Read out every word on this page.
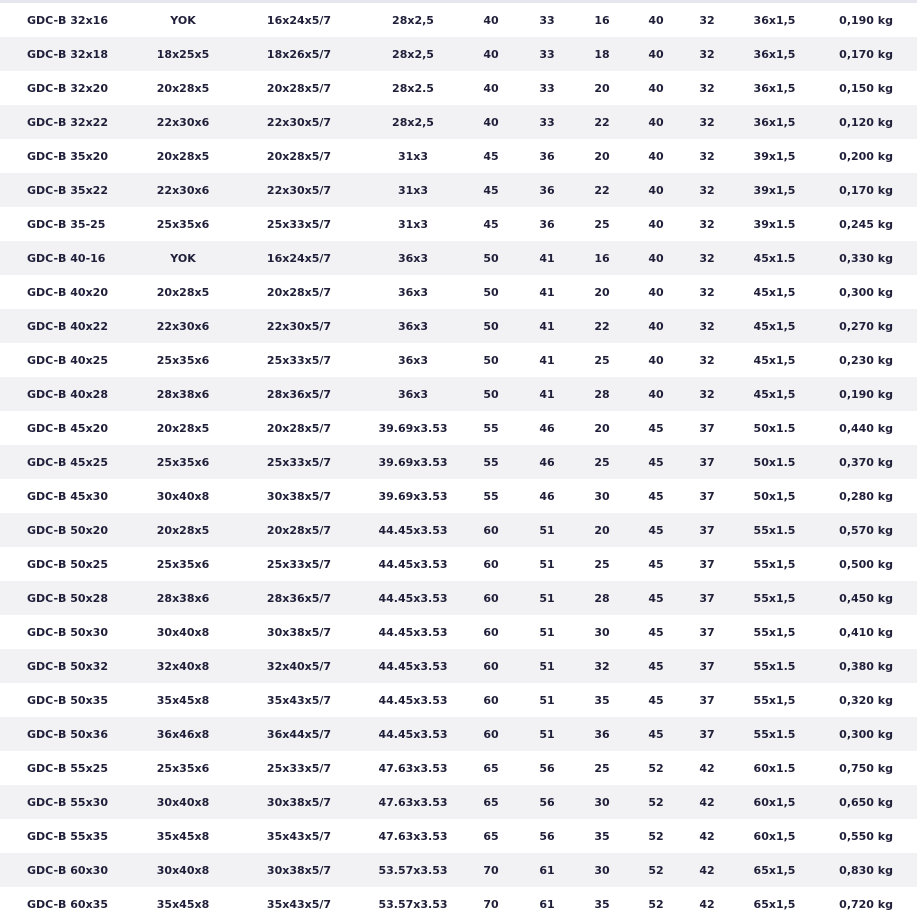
GDC-B 32x16	YOK	16x24x5/7	28x2,5	40	33	16	40	32	36x1,5	0,190 kg
GDC-B 32x18	18x25x5	18x26x5/7	28x2,5	40	33	18	40	32	36x1,5	0,170 kg
GDC-B 32x20	20x28x5	20x28x5/7	28x2.5	40	33	20	40	32	36x1,5	0,150 kg
GDC-B 32x22	22x30x6	22x30x5/7	28x2,5	40	33	22	40	32	36x1,5	0,120 kg
GDC-B 35x20	20x28x5	20x28x5/7	31x3	45	36	20	40	32	39x1,5	0,200 kg
GDC-B 35x22	22x30x6	22x30x5/7	31x3	45	36	22	40	32	39x1,5	0,170 kg
GDC-B 35-25	25x35x6	25x33x5/7	31x3	45	36	25	40	32	39x1.5	0,245 kg
GDC-B 40-16	YOK	16x24x5/7	36x3	50	41	16	40	32	45x1.5	0,330 kg
GDC-B 40x20	20x28x5	20x28x5/7	36x3	50	41	20	40	32	45x1,5	0,300 kg
GDC-B 40x22	22x30x6	22x30x5/7	36x3	50	41	22	40	32	45x1,5	0,270 kg
GDC-B 40x25	25x35x6	25x33x5/7	36x3	50	41	25	40	32	45x1,5	0,230 kg
GDC-B 40x28	28x38x6	28x36x5/7	36x3	50	41	28	40	32	45x1,5	0,190 kg
GDC-B 45x20	20x28x5	20x28x5/7	39.69x3.53	55	46	20	45	37	50x1.5	0,440 kg
GDC-B 45x25	25x35x6	25x33x5/7	39.69x3.53	55	46	25	45	37	50x1.5	0,370 kg
GDC-B 45x30	30x40x8	30x38x5/7	39.69x3.53	55	46	30	45	37	50x1,5	0,280 kg
GDC-B 50x20	20x28x5	20x28x5/7	44.45x3.53	60	51	20	45	37	55x1.5	0,570 kg
GDC-B 50x25	25x35x6	25x33x5/7	44.45x3.53	60	51	25	45	37	55x1,5	0,500 kg
GDC-B 50x28	28x38x6	28x36x5/7	44.45x3.53	60	51	28	45	37	55x1,5	0,450 kg
GDC-B 50x30	30x40x8	30x38x5/7	44.45x3.53	60	51	30	45	37	55x1,5	0,410 kg
GDC-B 50x32	32x40x8	32x40x5/7	44.45x3.53	60	51	32	45	37	55x1.5	0,380 kg
GDC-B 50x35	35x45x8	35x43x5/7	44.45x3.53	60	51	35	45	37	55x1,5	0,320 kg
GDC-B 50x36	36x46x8	36x44x5/7	44.45x3.53	60	51	36	45	37	55x1.5	0,300 kg
GDC-B 55x25	25x35x6	25x33x5/7	47.63x3.53	65	56	25	52	42	60x1.5	0,750 kg
GDC-B 55x30	30x40x8	30x38x5/7	47.63x3.53	65	56	30	52	42	60x1,5	0,650 kg
GDC-B 55x35	35x45x8	35x43x5/7	47.63x3.53	65	56	35	52	42	60x1,5	0,550 kg
GDC-B 60x30	30x40x8	30x38x5/7	53.57x3.53	70	61	30	52	42	65x1,5	0,830 kg
GDC-B 60x35	35x45x8	35x43x5/7	53.57x3.53	70	61	35	52	42	65x1,5	0,720 kg
